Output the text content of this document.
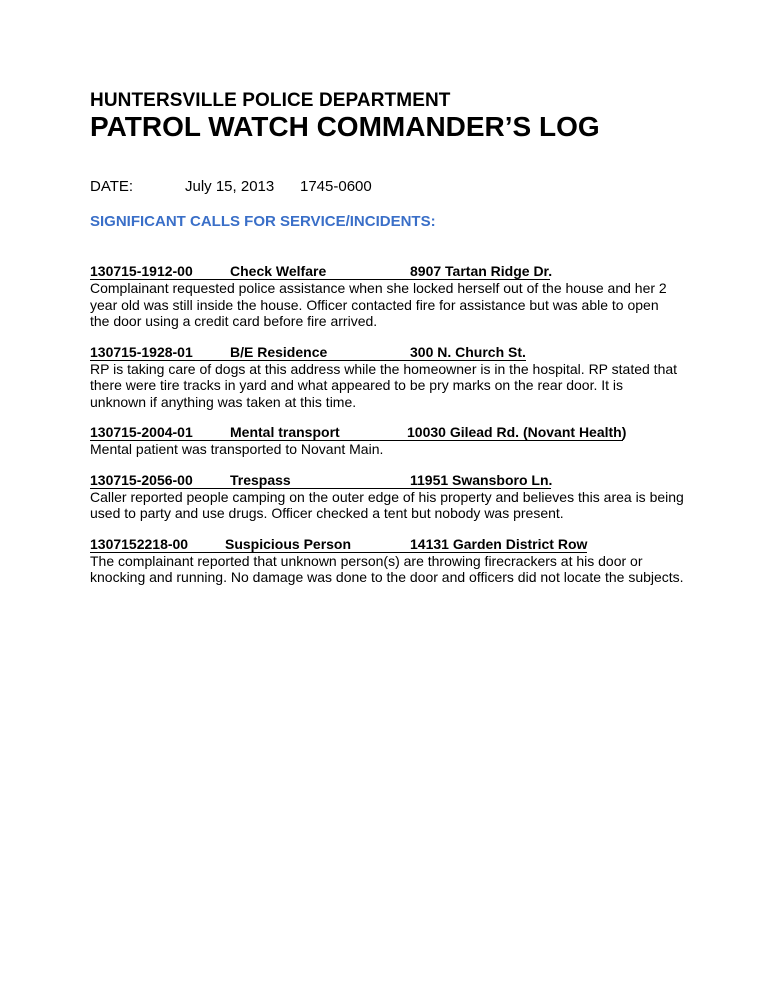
HUNTERSVILLE POLICE DEPARTMENT
PATROL WATCH COMMANDER’S LOG
DATE:	July 15, 2013 1745-0600
SIGNIFICANT CALLS FOR SERVICE/INCIDENTS:
130715-1912-00	Check Welfare	8907 Tartan Ridge Dr.
Complainant requested police assistance when she locked herself out of the house and her 2
year old was still inside the house. Officer contacted fire for assistance but was able to open
the door using a credit card before fire arrived.
130715-1928-01	B/E Residence	300 N. Church St.
RP is taking care of dogs at this address while the homeowner is in the hospital. RP stated that
there were tire tracks in yard and what appeared to be pry marks on the rear door. It is
unknown if anything was taken at this time.
130715-2004-01	Mental transport	10030 Gilead Rd. (Novant Health)
Mental patient was transported to Novant Main.
130715-2056-00	Trespass	11951 Swansboro Ln.
Caller reported people camping on the outer edge of his property and believes this area is being
used to party and use drugs. Officer checked a tent but nobody was present.
1307152218-00	Suspicious Person	14131 Garden District Row
The complainant reported that unknown person(s) are throwing firecrackers at his door or
knocking and running. No damage was done to the door and officers did not locate the subjects.
